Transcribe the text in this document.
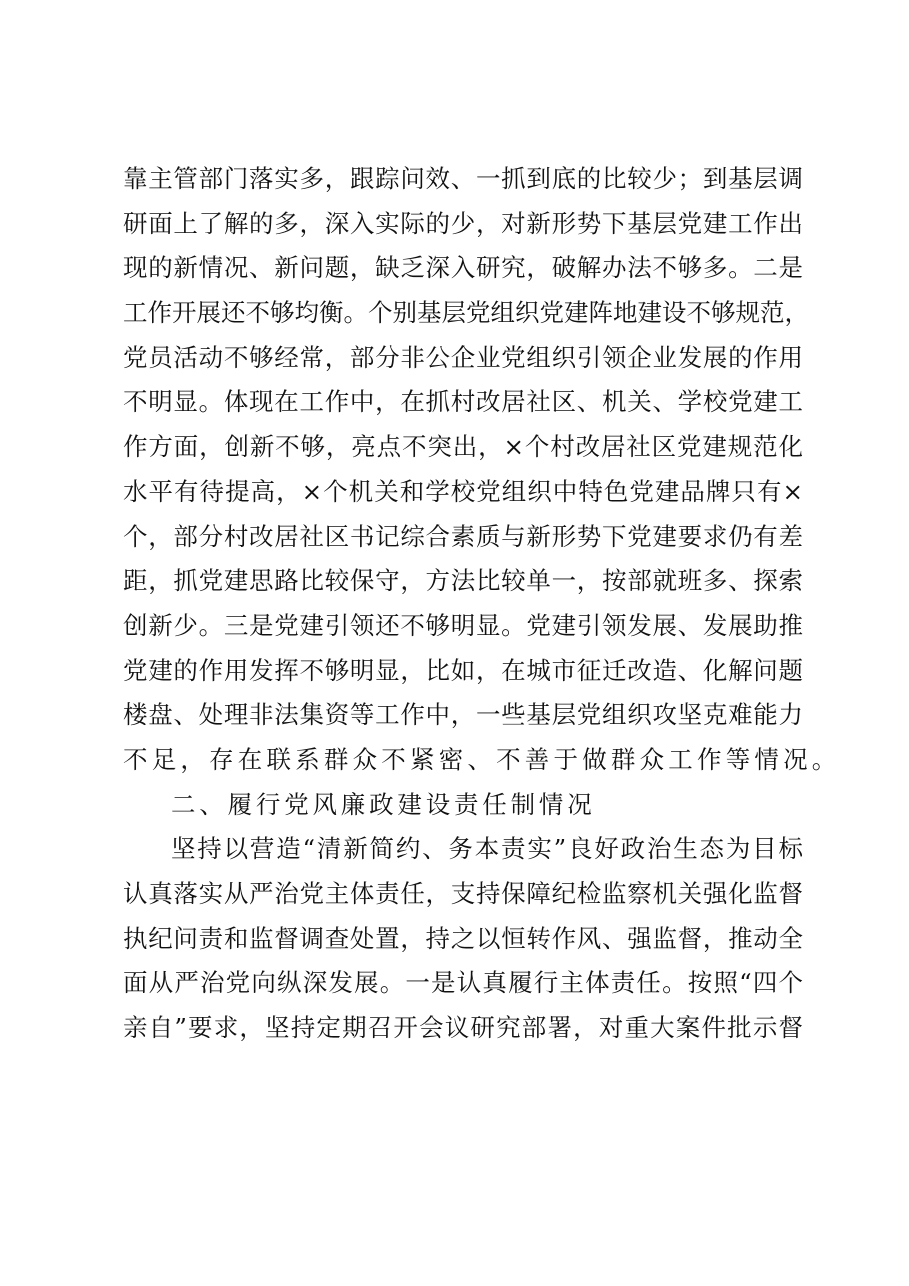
靠主管部门落实多，跟踪问效、一抓到底的比较少；到基层调
研面上了解的多，深入实际的少，对新形势下基层党建工作出
现的新情况、新问题，缺乏深入研究，破解办法不够多。二是
工作开展还不够均衡。个别基层党组织党建阵地建设不够规范，
党员活动不够经常，部分非公企业党组织引领企业发展的作用
不明显。体现在工作中，在抓村改居社区、机关、学校党建工
作方面，创新不够，亮点不突出，×个村改居社区党建规范化
水平有待提高，×个机关和学校党组织中特色党建品牌只有×
个，部分村改居社区书记综合素质与新形势下党建要求仍有差
距，抓党建思路比较保守，方法比较单一，按部就班多、探索
创新少。三是党建引领还不够明显。党建引领发展、发展助推
党建的作用发挥不够明显，比如，在城市征迁改造、化解问题
楼盘、处理非法集资等工作中，一些基层党组织攻坚克难能力
不足，存在联系群众不紧密、不善于做群众工作等情况。
二、履行党风廉政建设责任制情况
坚持以营造“清新简约、务本责实”良好政治生态为目标
认真落实从严治党主体责任，支持保障纪检监察机关强化监督
执纪问责和监督调查处置，持之以恒转作风、强监督，推动全
面从严治党向纵深发展。一是认真履行主体责任。按照“四个
亲自”要求，坚持定期召开会议研究部署，对重大案件批示督
